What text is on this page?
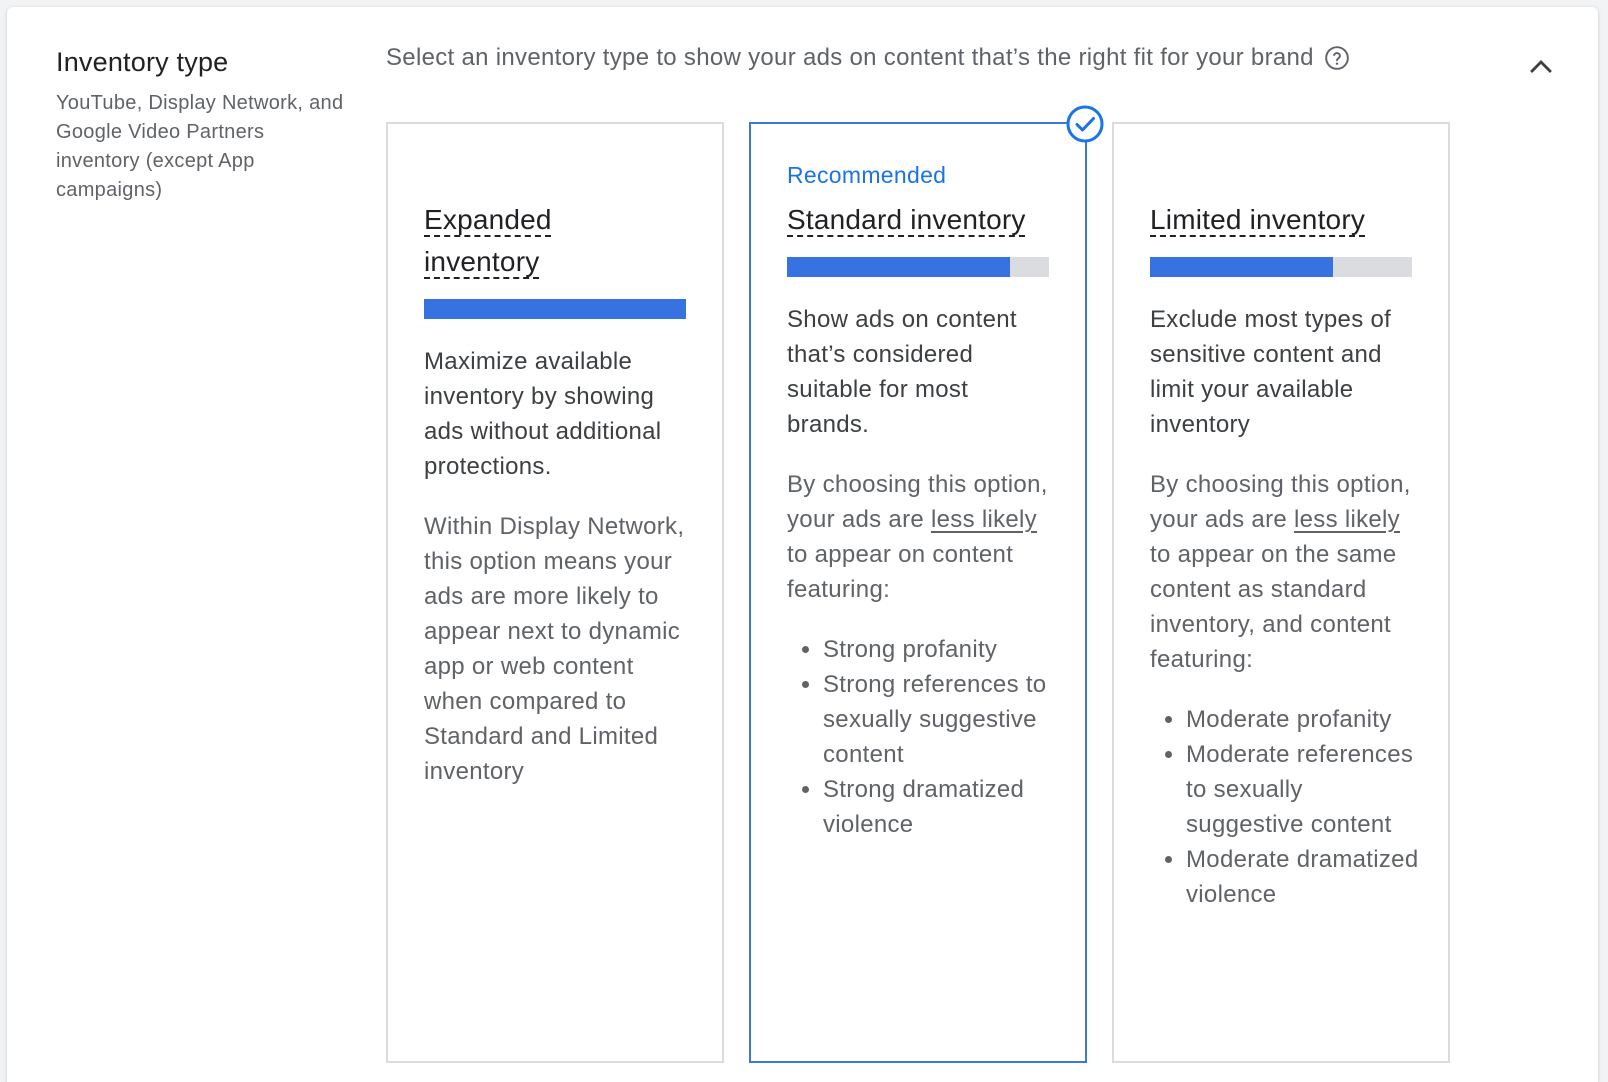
Inventory type
YouTube, Display Network, and Google Video Partners inventory (except App campaigns)
Select an inventory type to show your ads on content that’s the right fit for your brand
Expanded
inventory
Maximize available inventory by showing ads without additional protections.
Within Display Network, this option means your ads are more likely to appear next to dynamic app or web content when compared to Standard and Limited inventory
Recommended
Standard inventory
Show ads on content that’s considered suitable for most brands.
By choosing this option, your ads are less likely to appear on content featuring:
• Strong profanity
• Strong references to sexually suggestive content
• Strong dramatized violence
Limited inventory
Exclude most types of sensitive content and limit your available inventory
By choosing this option, your ads are less likely to appear on the same content as standard inventory, and content featuring:
• Moderate profanity
• Moderate references to sexually suggestive content
• Moderate dramatized violence
